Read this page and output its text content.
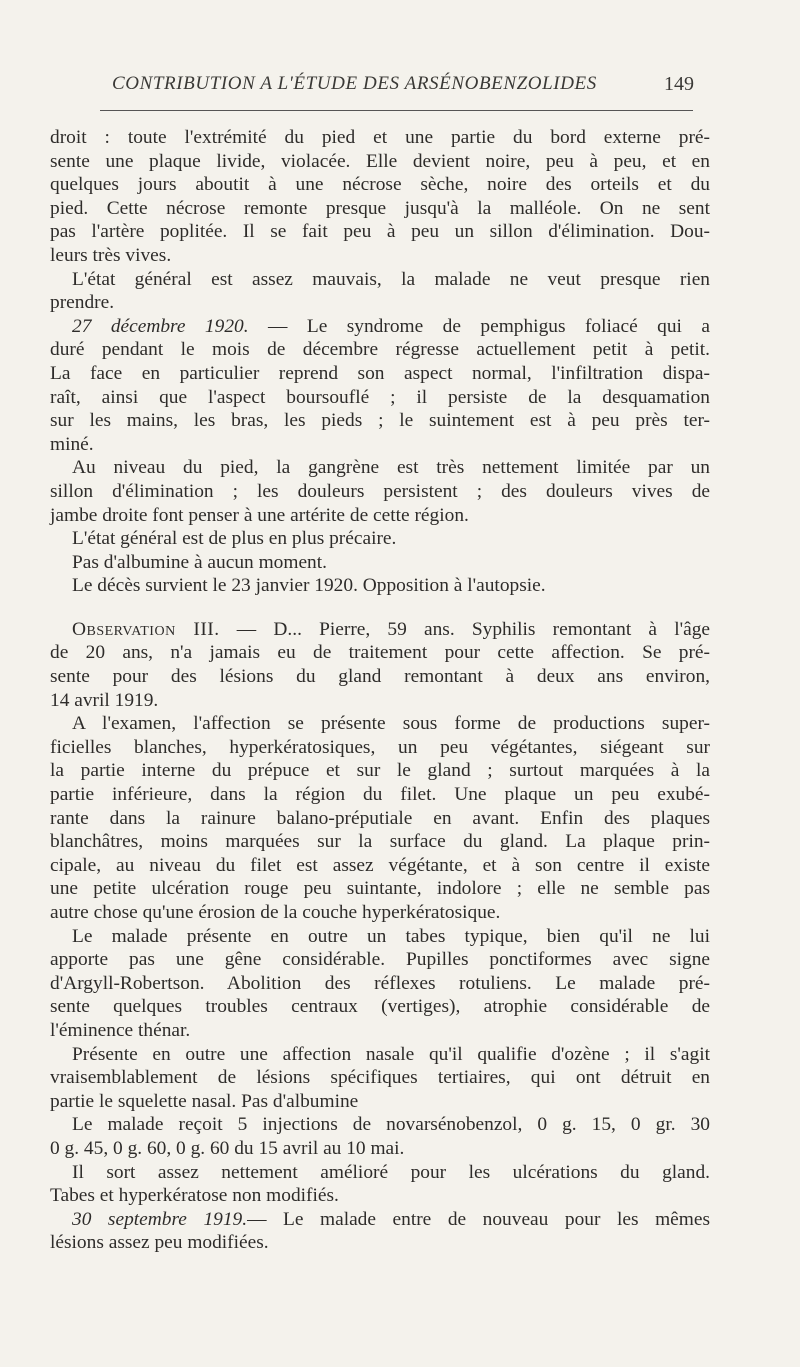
CONTRIBUTION A L'ÉTUDE DES ARSÉNOBENZOLIDES	149
droit : toute l'extrémité du pied et une partie du bord externe pré-
sente une plaque livide, violacée. Elle devient noire, peu à peu, et en
quelques jours aboutit à une nécrose sèche, noire des orteils et du
pied. Cette nécrose remonte presque jusqu'à la malléole. On ne sent
pas l'artère poplitée. Il se fait peu à peu un sillon d'élimination. Dou-
leurs très vives.
L'état général est assez mauvais, la malade ne veut presque rien
prendre.
27 décembre 1920. — Le syndrome de pemphigus foliacé qui a
duré pendant le mois de décembre régresse actuellement petit à petit.
La face en particulier reprend son aspect normal, l'infiltration dispa-
raît, ainsi que l'aspect boursouflé ; il persiste de la desquamation
sur les mains, les bras, les pieds ; le suintement est à peu près ter-
miné.
Au niveau du pied, la gangrène est très nettement limitée par un
sillon d'élimination ; les douleurs persistent ; des douleurs vives de
jambe droite font penser à une artérite de cette région.
L'état général est de plus en plus précaire.
Pas d'albumine à aucun moment.
Le décès survient le 23 janvier 1920. Opposition à l'autopsie.
Observation III. — D... Pierre, 59 ans. Syphilis remontant à l'âge
de 20 ans, n'a jamais eu de traitement pour cette affection. Se pré-
sente pour des lésions du gland remontant à deux ans environ,
14 avril 1919.
A l'examen, l'affection se présente sous forme de productions super-
ficielles blanches, hyperkératosiques, un peu végétantes, siégeant sur
la partie interne du prépuce et sur le gland ; surtout marquées à la
partie inférieure, dans la région du filet. Une plaque un peu exubé-
rante dans la rainure balano-préputiale en avant. Enfin des plaques
blanchâtres, moins marquées sur la surface du gland. La plaque prin-
cipale, au niveau du filet est assez végétante, et à son centre il existe
une petite ulcération rouge peu suintante, indolore ; elle ne semble pas
autre chose qu'une érosion de la couche hyperkératosique.
Le malade présente en outre un tabes typique, bien qu'il ne lui
apporte pas une gêne considérable. Pupilles ponctiformes avec signe
d'Argyll-Robertson. Abolition des réflexes rotuliens. Le malade pré-
sente quelques troubles centraux (vertiges), atrophie considérable de
l'éminence thénar.
Présente en outre une affection nasale qu'il qualifie d'ozène ; il s'agit
vraisemblablement de lésions spécifiques tertiaires, qui ont détruit en
partie le squelette nasal. Pas d'albumine
Le malade reçoit 5 injections de novarsénobenzol, 0 g. 15, 0 gr. 30
0 g. 45, 0 g. 60, 0 g. 60 du 15 avril au 10 mai.
Il sort assez nettement amélioré pour les ulcérations du gland.
Tabes et hyperkératose non modifiés.
30 septembre 1919.— Le malade entre de nouveau pour les mêmes
lésions assez peu modifiées.
